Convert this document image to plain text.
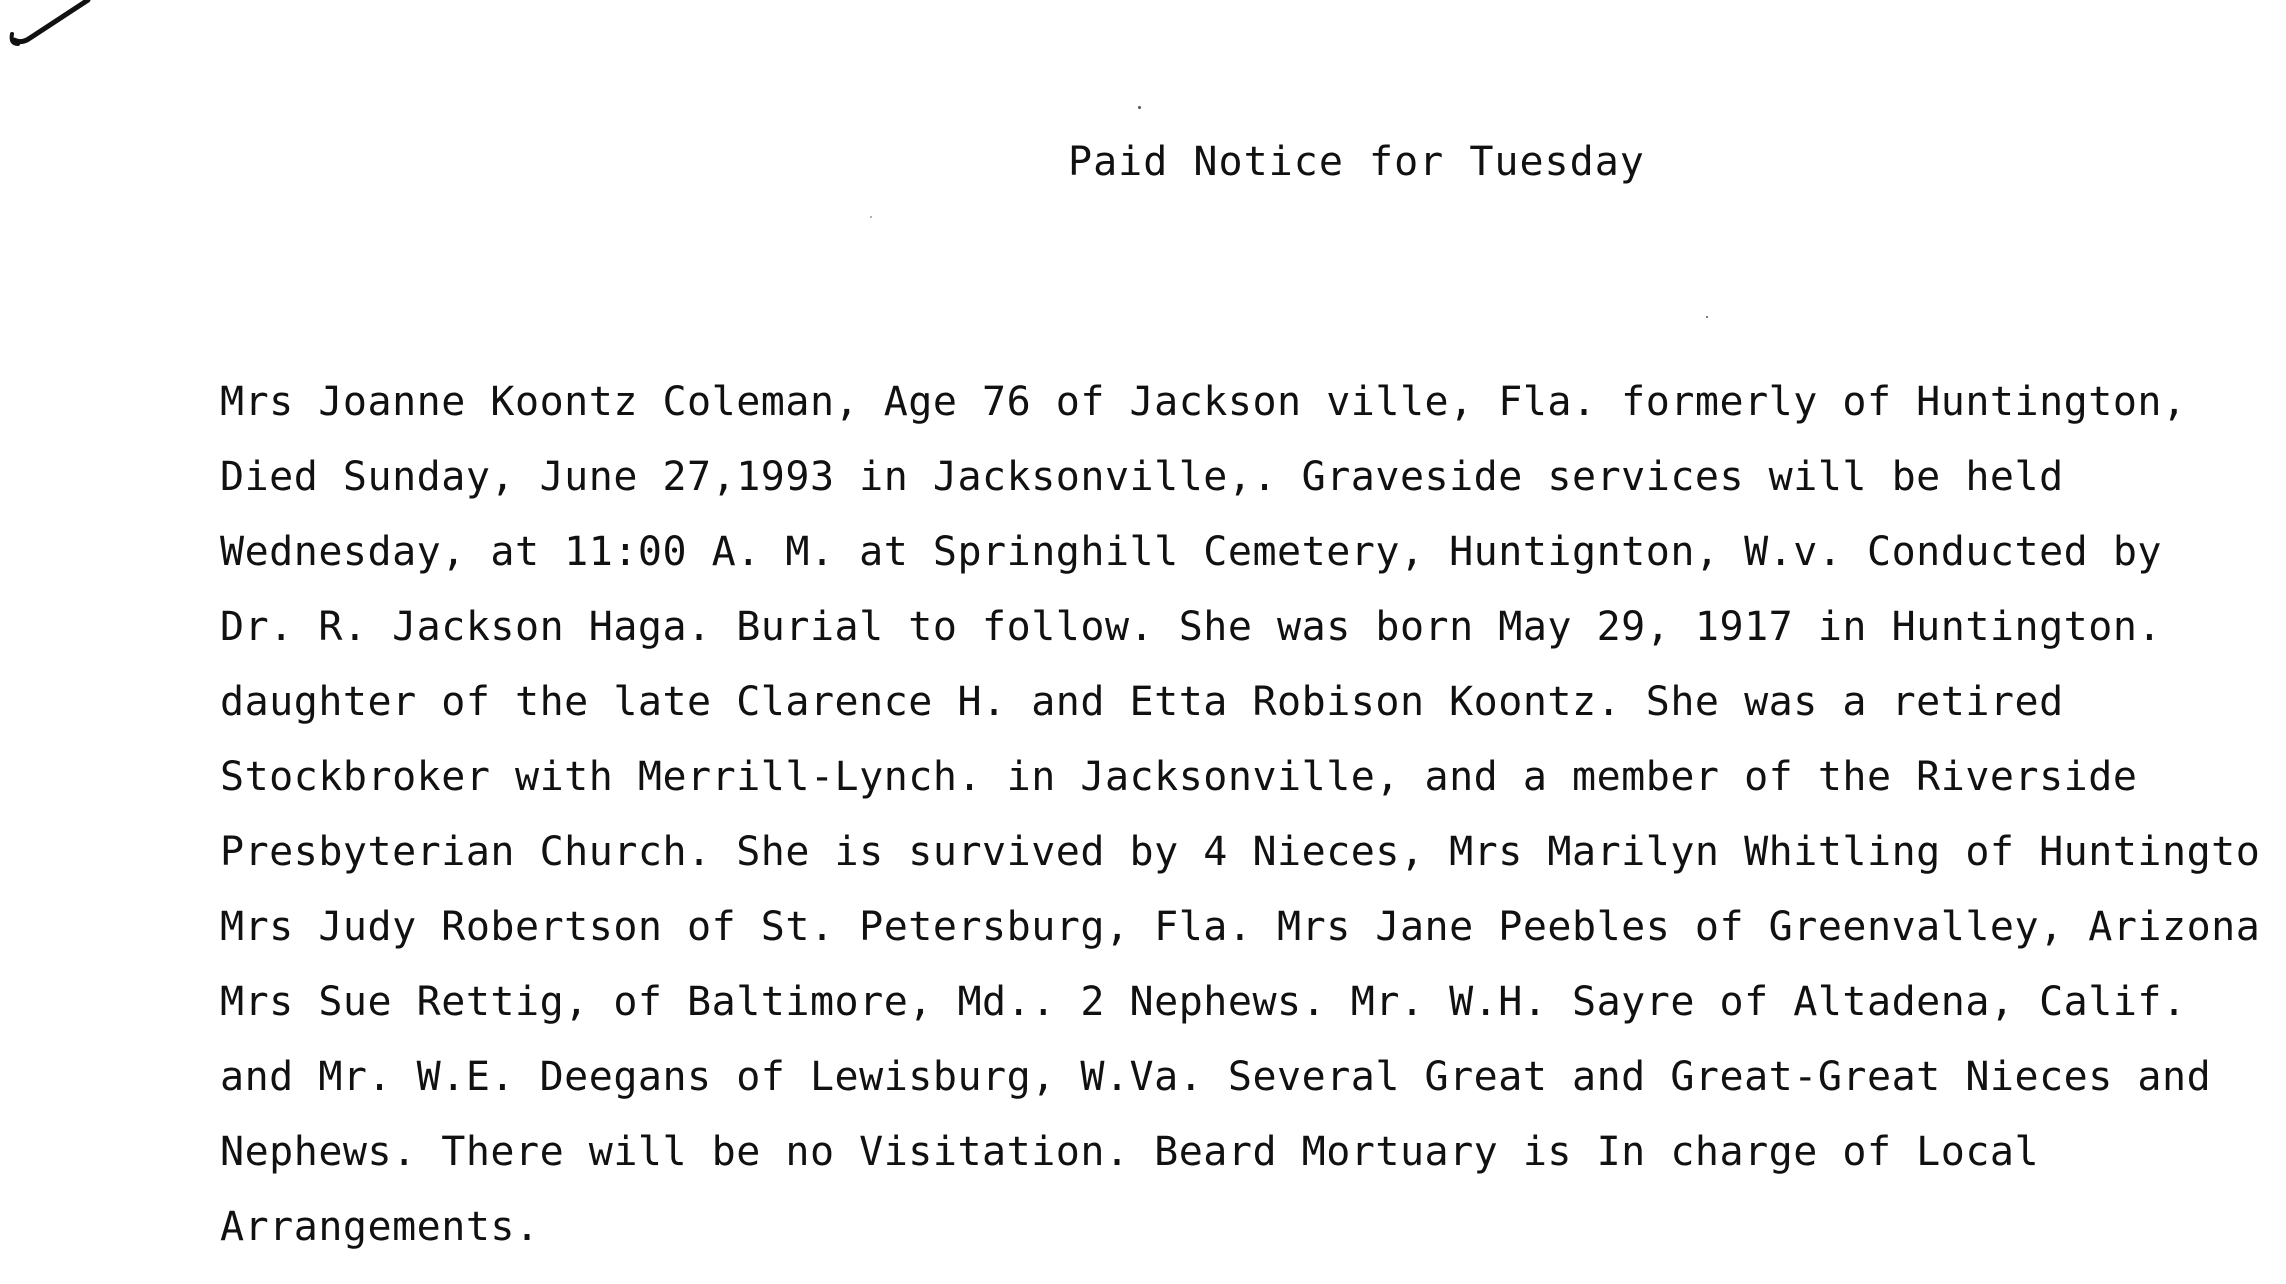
Paid Notice for Tuesday
Mrs Joanne Koontz Coleman, Age 76 of Jackson ville, Fla. formerly of Huntington,
Died Sunday, June 27,1993 in Jacksonville,. Graveside services will be held
Wednesday, at 11:00 A. M. at Springhill Cemetery, Huntignton, W.v. Conducted by
Dr. R. Jackson Haga. Burial to follow. She was born May 29, 1917 in Huntington.
daughter of the late Clarence H. and Etta Robison Koontz. She was a retired
Stockbroker with Merrill-Lynch. in Jacksonville, and a member of the Riverside
Presbyterian Church. She is survived by 4 Nieces, Mrs Marilyn Whitling of Huntingto
Mrs Judy Robertson of St. Petersburg, Fla. Mrs Jane Peebles of Greenvalley, Arizona
Mrs Sue Rettig, of Baltimore, Md.. 2 Nephews. Mr. W.H. Sayre of Altadena, Calif.
and Mr. W.E. Deegans of Lewisburg, W.Va. Several Great and Great-Great Nieces and
Nephews. There will be no Visitation. Beard Mortuary is In charge of Local
Arrangements.
